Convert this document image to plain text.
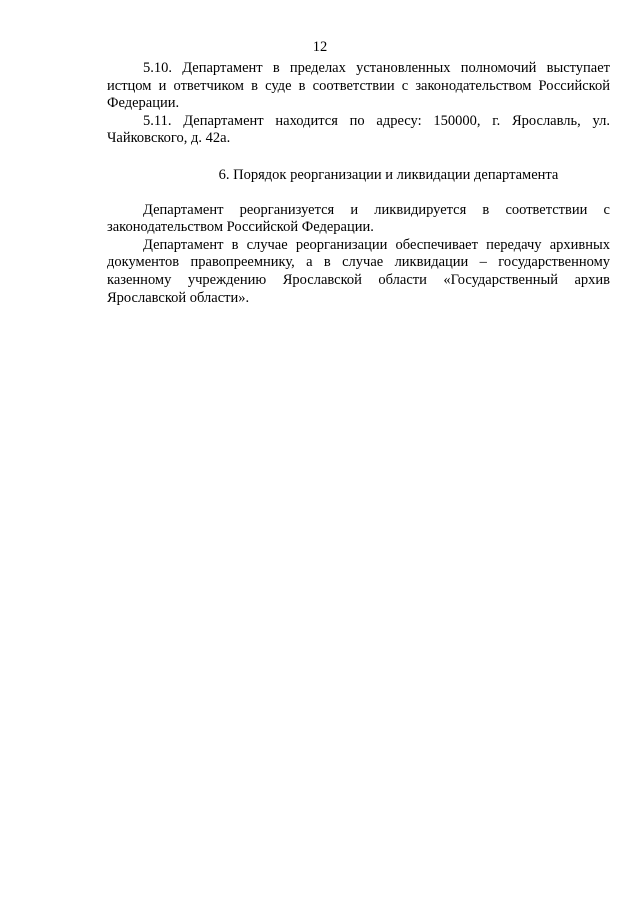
12

5.10. Департамент в пределах установленных полномочий выступает истцом и ответчиком в суде в соответствии с законодательством Российской Федерации.

5.11. Департамент находится по адресу: 150000, г. Ярославль, ул. Чайковского, д. 42а.

6. Порядок реорганизации и ликвидации департамента

Департамент реорганизуется и ликвидируется в соответствии с законодательством Российской Федерации.

Департамент в случае реорганизации обеспечивает передачу архивных документов правопреемнику, а в случае ликвидации – государственному казенному учреждению Ярославской области «Государственный архив Ярославской области».
